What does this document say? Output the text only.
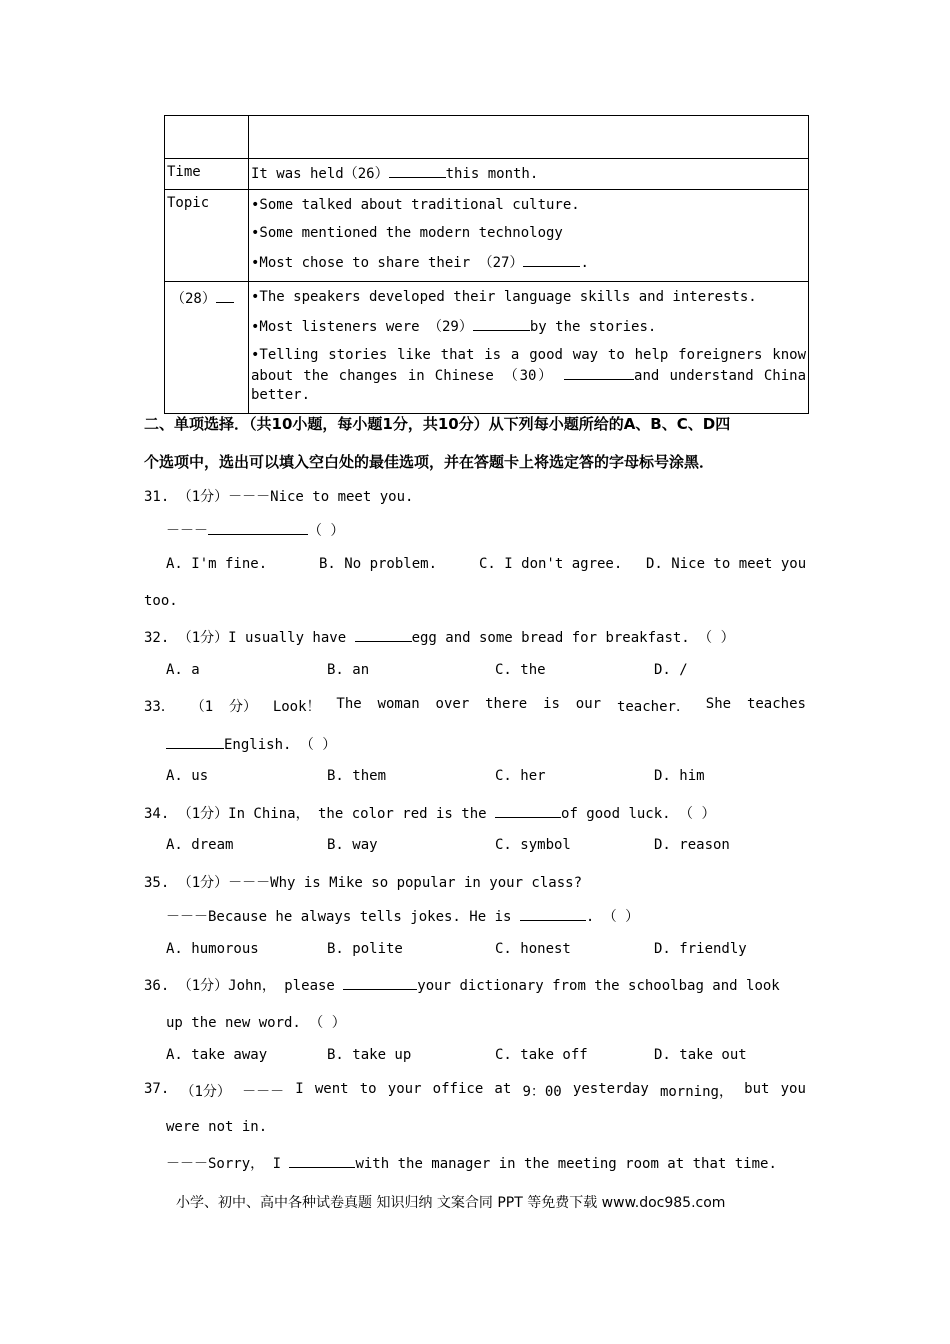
Time	It was held（26） this month.
Topic	•Some talked about traditional culture.
•Some mentioned the modern technology
•Most chose to share their （27） .

（28）	•The speakers developed their language skills and interests.
•Most listeners were （29） by the stories.
•Telling stories like that is a good way to help foreigners know about the changes in Chinese （30） and understand China better.
二、单项选择．（共10小题，每小题1分，共10分）从下列每小题所给的A、B、C、D四
个选项中，选出可以填入空白处的最佳选项，并在答题卡上将选定答的字母标号涂黑．
31. （1分）－－－Nice to meet you.
－－－	（ ）
A. I'm fine.	B. No problem.	C. I don't agree. D. Nice to meet you
too.
32. （1分）I usually have	egg and some bread for breakfast. （ ）
A. a	B. an	C. the	D. /
33． （1 分） Look！ The woman over there is our teacher． She teaches
English. （ ）
A. us	B. them	C. her	D. him
34. （1分）In China， the color red is the	of good luck. （ ）
A. dream	B. way	C. symbol	D. reason
35. （1分）－－－Why is Mike so popular in your class?
－－－Because he always tells jokes. He is	. （ ）
A. humorous	B. polite	C. honest	D. friendly
36. （1分）John， please	your dictionary from the schoolbag and look
up the new word. （ ）
A. take away	B. take up	C. take off	D. take out
37. （1分） －－－ I went to your office at 9：00 yesterday morning， but you
were not in.
－－－Sorry， I	with the manager in the meeting room at that time.
小学、初中、高中各种试卷真题 知识归纳 文案合同 PPT 等免费下载 www.doc985.com
